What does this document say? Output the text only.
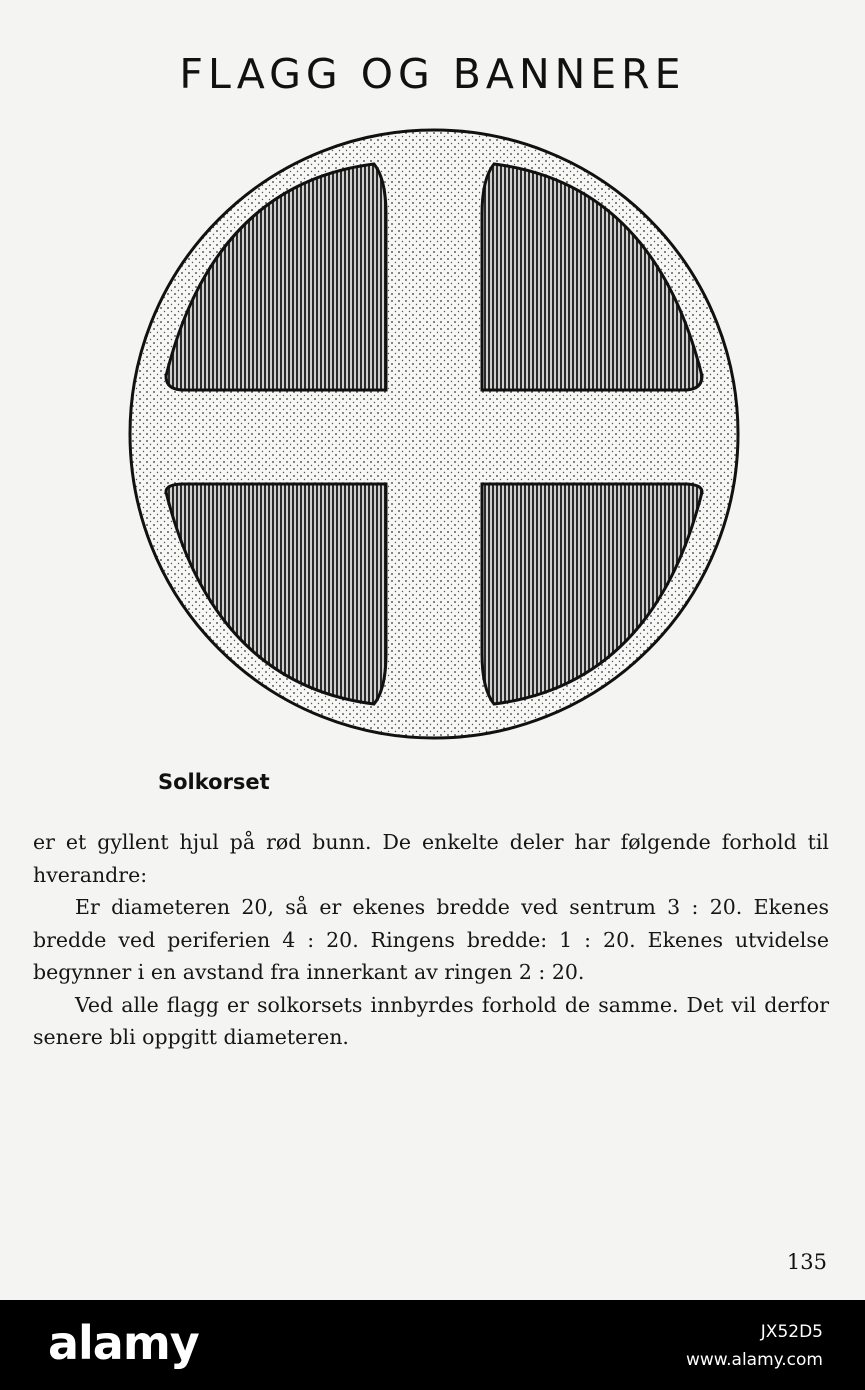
FLAGG OG BANNERE
Solkorset

er et gyllent hjul på rød bunn. De enkelte deler har følgende forhold til hverandre:

Er diameteren 20, så er ekenes bredde ved sentrum 3 : 20. Ekenes bredde ved periferien 4 : 20. Ringens bredde: 1 : 20. Ekenes utvidelse begynner i en avstand fra innerkant av ringen 2 : 20.

Ved alle flagg er solkorsets innbyrdes forhold de samme. Det vil derfor senere bli oppgitt diameteren.

135
alamy	JX52D5
www.alamy.com
